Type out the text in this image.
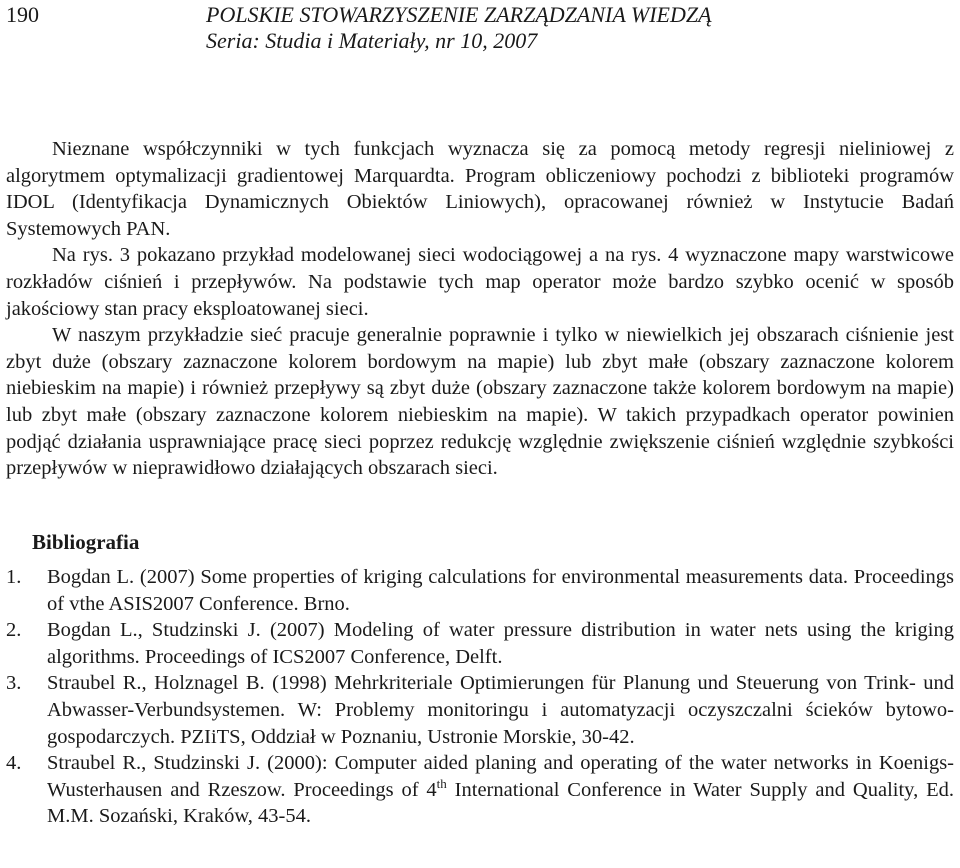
190	POLSKIE STOWARZYSZENIE ZARZĄDZANIA WIEDZĄ
Seria: Studia i Materiały, nr 10, 2007

Nieznane współczynniki w tych funkcjach wyznacza się za pomocą metody regresji nieliniowej z algorytmem optymalizacji gradientowej Marquardta. Program obliczeniowy pochodzi z biblioteki programów IDOL (Identyfikacja Dynamicznych Obiektów Liniowych), opracowanej również w Instytucie Badań Systemowych PAN.

Na rys. 3 pokazano przykład modelowanej sieci wodociągowej a na rys. 4 wyznaczone mapy warstwicowe rozkładów ciśnień i przepływów. Na podstawie tych map operator może bardzo szybko ocenić w sposób jakościowy stan pracy eksploatowanej sieci.

W naszym przykładzie sieć pracuje generalnie poprawnie i tylko w niewielkich jej obszarach ciśnienie jest zbyt duże (obszary zaznaczone kolorem bordowym na mapie) lub zbyt małe (obszary zaznaczone kolorem niebieskim na mapie) i również przepływy są zbyt duże (obszary zaznaczone także kolorem bordowym na mapie) lub zbyt małe (obszary zaznaczone kolorem niebieskim na mapie). W takich przypadkach operator powinien podjąć działania usprawniające pracę sieci poprzez redukcję względnie zwiększenie ciśnień względnie szybkości przepływów w nieprawidłowo działających obszarach sieci.

Bibliografia
1. Bogdan L. (2007) Some properties of kriging calculations for environmental measurements data. Proceedings of vthe ASIS2007 Conference. Brno.
2. Bogdan L., Studzinski J. (2007) Modeling of water pressure distribution in water nets using the kriging algorithms. Proceedings of ICS2007 Conference, Delft.
3. Straubel R., Holznagel B. (1998) Mehrkriteriale Optimierungen für Planung und Steuerung von Trink- und Abwasser-Verbundsystemen. W: Problemy monitoringu i automatyzacji oczyszczalni ścieków bytowo-gospodarczych. PZIiTS, Oddział w Poznaniu, Ustronie Morskie, 30-42.
4. Straubel R., Studzinski J. (2000): Computer aided planing and operating of the water networks in Koenigs-Wusterhausen and Rzeszow. Proceedings of 4th International Conference in Water Supply and Quality, Ed. M.M. Sozański, Kraków, 43-54.
